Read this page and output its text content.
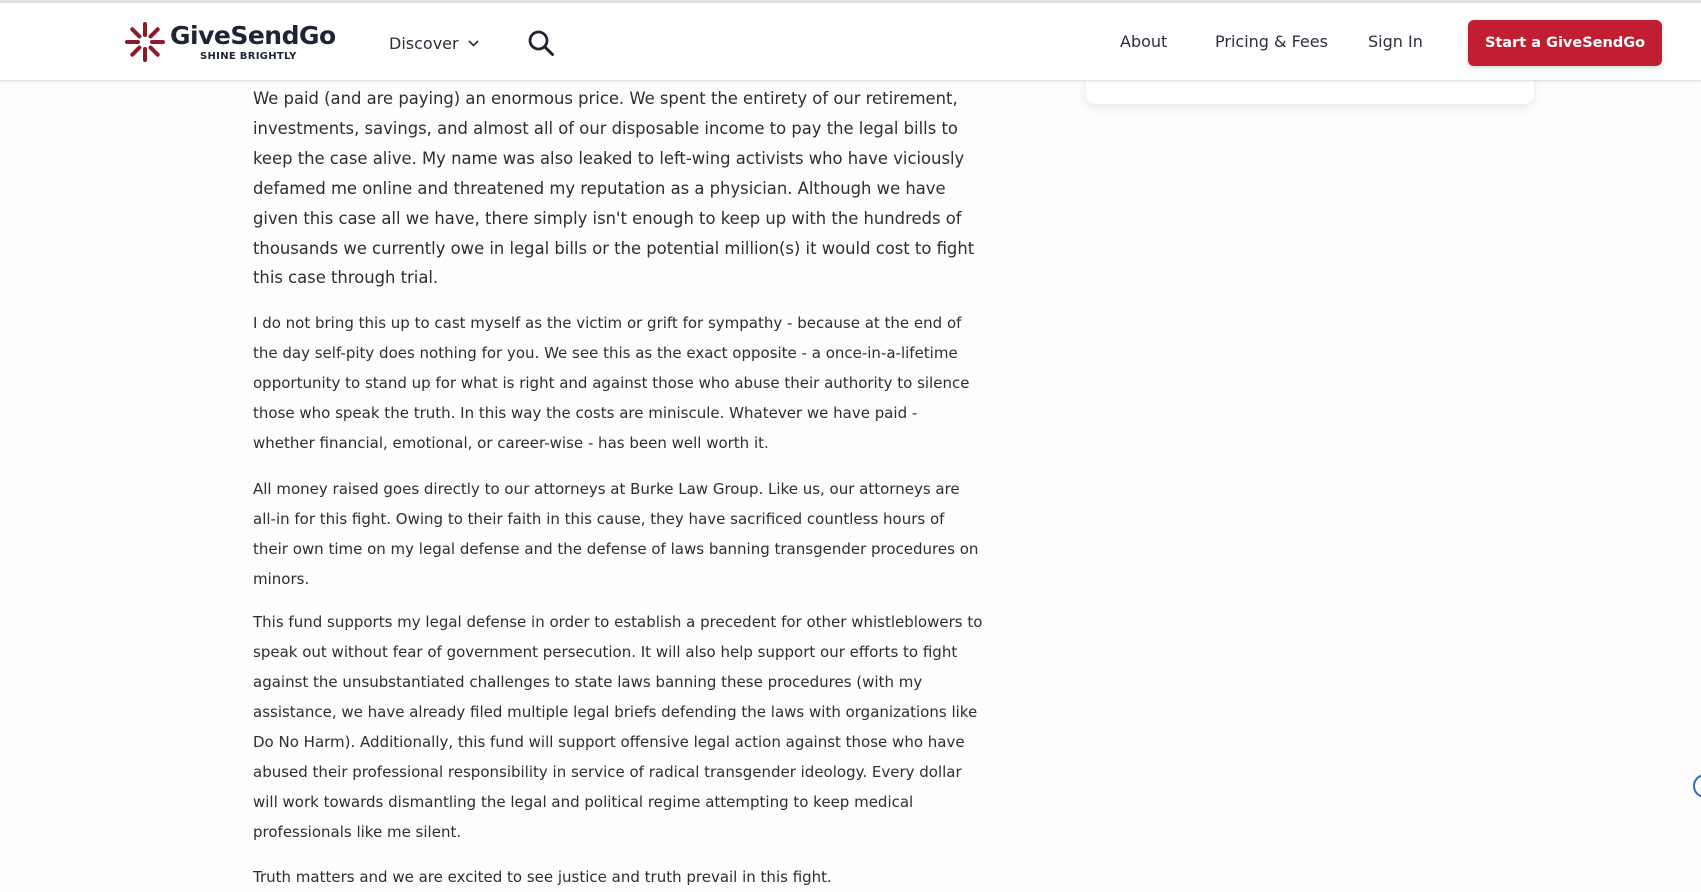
GiveSendGo
SHINE BRIGHTLY
Discover	About	Pricing & Fees	Sign In	Start a GiveSendGo

We paid (and are paying) an enormous price. We spent the entirety of our retirement, investments, savings, and almost all of our disposable income to pay the legal bills to keep the case alive. My name was also leaked to left-wing activists who have viciously defamed me online and threatened my reputation as a physician. Although we have given this case all we have, there simply isn't enough to keep up with the hundreds of thousands we currently owe in legal bills or the potential million(s) it would cost to fight this case through trial.

I do not bring this up to cast myself as the victim or grift for sympathy - because at the end of the day self-pity does nothing for you. We see this as the exact opposite - a once-in-a-lifetime opportunity to stand up for what is right and against those who abuse their authority to silence those who speak the truth. In this way the costs are miniscule. Whatever we have paid - whether financial, emotional, or career-wise - has been well worth it.

All money raised goes directly to our attorneys at Burke Law Group. Like us, our attorneys are all-in for this fight. Owing to their faith in this cause, they have sacrificed countless hours of their own time on my legal defense and the defense of laws banning transgender procedures on minors.

This fund supports my legal defense in order to establish a precedent for other whistleblowers to speak out without fear of government persecution. It will also help support our efforts to fight against the unsubstantiated challenges to state laws banning these procedures (with my assistance, we have already filed multiple legal briefs defending the laws with organizations like Do No Harm). Additionally, this fund will support offensive legal action against those who have abused their professional responsibility in service of radical transgender ideology. Every dollar will work towards dismantling the legal and political regime attempting to keep medical professionals like me silent.

Truth matters and we are excited to see justice and truth prevail in this fight.
